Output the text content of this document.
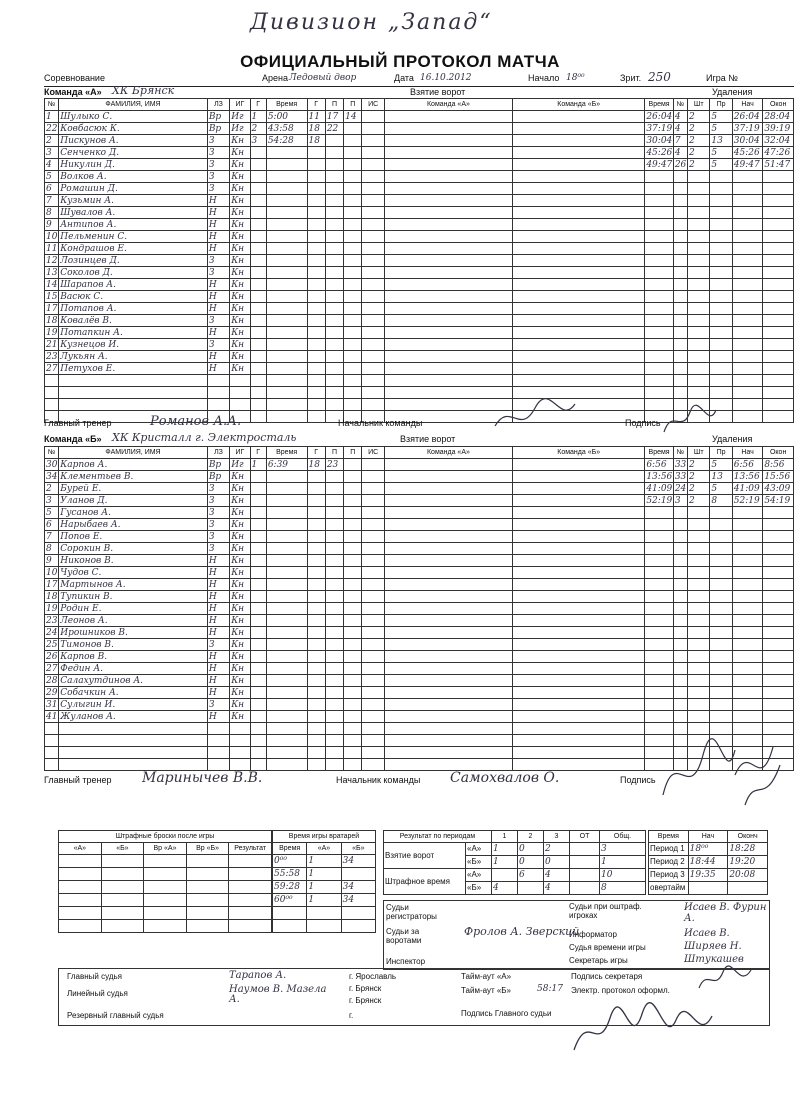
Дивизион „Запад“
ОФИЦИАЛЬНЫЙ ПРОТОКОЛ МАТЧА
Соревнование	Арена Ледовый двор	Дата 16.10.2012	Начало 18⁰⁰	Зрит. 250	Игра №
Команда «А» ХК Брянск	Взятие ворот	Удаления
№	ФАМИЛИЯ, ИМЯ	ЛЗ	ИГ	Г	Время	Г	П	П	ИС	Команда «А»	Команда «Б»	Время	№	Шт	Пр	Нач	Окон
1	Шулыко С.	Вр	Иг	1	5:00	11	17	14				26:04	4	2	5	26:04	28:04
22	Ковбасюк К.	Вр	Иг	2	43:58	18	22					37:19	4	2	5	37:19	39:19
2	Пискунов А.	З	Кн	3	54:28	18						30:04	7	2	13	30:04	32:04
3	Сенченко Д.	З	Кн									45:26	4	2	5	45:26	47:26
4	Никулин Д.	З	Кн									49:47	26	2	5	49:47	51:47
5	Волков А.	З	Кн														
6	Ромашин Д.	З	Кн														
7	Кузьмин А.	Н	Кн														
8	Шувалов А.	Н	Кн														
9	Антипов А.	Н	Кн														
10	Пельменин С.	Н	Кн														
11	Кондрашов Е.	Н	Кн														
12	Лозинцев Д.	З	Кн														
13	Соколов Д.	З	Кн														
14	Шарапов А.	Н	Кн														
15	Васюк С.	Н	Кн														
17	Потапов А.	Н	Кн														
18	Ковалёв В.	З	Кн														
19	Потапкин А.	Н	Кн														
21	Кузнецов И.	З	Кн														
23	Лукьян А.	Н	Кн														
27	Петухов Е.	Н	Кн														

Главный тренер	Романов А.А.	Начальник команды	Подпись
Команда «Б» ХК Кристалл г. Электросталь	Взятие ворот	Удаления
№	ФАМИЛИЯ, ИМЯ	ЛЗ	ИГ	Г	Время	Г	П	П	ИС	Команда «А»	Команда «Б»	Время	№	Шт	Пр	Нач	Окон
30	Карпов А.	Вр	Иг	1	6:39	18	23					6:56	33	2	5	6:56	8:56
34	Клементьев В.	Вр	Кн									13:56	33	2	13	13:56	15:56
2	Бурей Е.	З	Кн									41:09	24	2	5	41:09	43:09
3	Уланов Д.	З	Кн									52:19	3	2	8	52:19	54:19
5	Гусанов А.	З	Кн														
6	Нарыбаев А.	З	Кн														
7	Попов Е.	З	Кн														
8	Сорокин В.	З	Кн														
9	Никонов В.	Н	Кн														
10	Чудов С.	Н	Кн														
17	Мартынов А.	Н	Кн														
18	Тупикин В.	Н	Кн														
19	Родин Е.	Н	Кн														
23	Леонов А.	Н	Кн														
24	Ирошников В.	Н	Кн														
25	Тимонов В.	З	Кн														
26	Карпов В.	Н	Кн														
27	Федин А.	Н	Кн														
28	Салахутдинов А.	Н	Кн														
29	Собачкин А.	Н	Кн														
31	Сулыгин И.	З	Кн														
41	Жуланов А.	Н	Кн														

Главный тренер Маринычев В.В.	Начальник команды Самохвалов О.	Подпись
Штрафные броски после игры				
«А»	«Б»	Вр «А»	Вр «Б»	Результат

Время игры вратарей		
Время	«А»	«Б»
0⁰⁰	1	34
55:58	1	
59:28	1	34
60⁰⁰	1	34

Результат по периодам		1	2	3	ОТ	Общ.
Взятие ворот	«А»	1	0	2		3
	«Б»	1	0	0		1
Штрафное время	«А»		6	4		10
	«Б»	4		4		8
Время	Нач	Оконч
Период 1	18⁰⁰	18:28
Период 2	18:44	19:20
Период 3	19:35	20:08
овертайм		
Судьи регистраторы
Судьи за воротами
Фролов А. Зверский
Инспектор
Судьи при оштраф. игроках
Исаев В. Фурин А.
Информатор	Исаев В.
Судья времени игры	Ширяев Н.
Секретарь игры	Штукашев
Главный судья	Тарапов А.	г. Ярославль
Линейный судья	Наумов В. Мазела А.
г. Брянск
г. Брянск
Резервный главный судья	г.
Тайм-аут «А»
Тайм-аут «Б»	58:17
Подпись Главного судьи
Подпись секретаря
Электр. протокол оформл.
